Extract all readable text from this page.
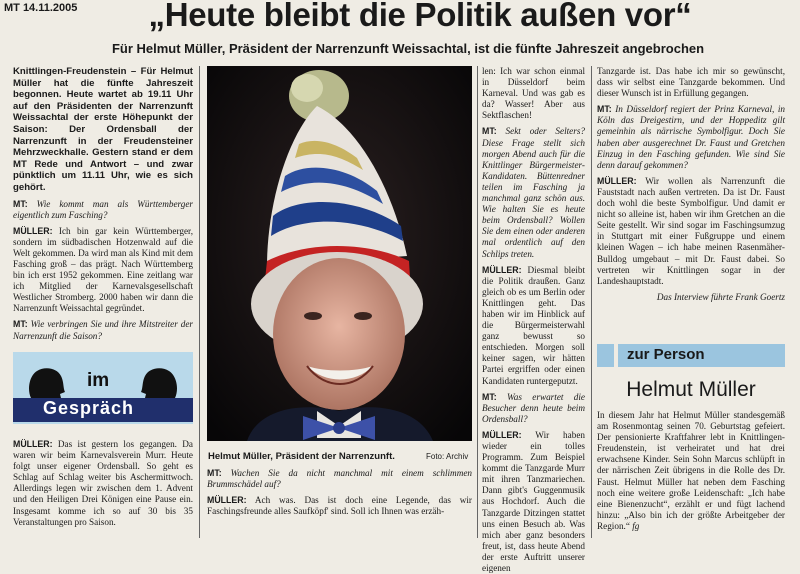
MT 14.11.2005	„Heute bleibt die Politik außen vor“
Für Helmut Müller, Präsident der Narrenzunft Weissachtal, ist die fünfte Jahreszeit angebrochen

Knittlingen-Freudenstein – Für Helmut Müller hat die fünfte Jahreszeit begonnen. Heute wartet ab 19.11 Uhr auf den Präsidenten der Narrenzunft Weissachtal der erste Höhepunkt der Saison: Der Ordensball der Narrenzunft in der Freudensteiner Mehrzweckhalle. Gestern stand er dem MT Rede und Antwort – und zwar pünktlich um 11.11 Uhr, wie es sich gehört.

MT: Wie kommt man als Württemberger eigentlich zum Fasching?

MÜLLER: Ich bin gar kein Württemberger, sondern im südbadischen Hotzenwald auf die Welt gekommen. Da wird man als Kind mit dem Fasching groß – das prägt. Nach Württemberg bin ich erst 1952 gekommen. Eine zeitlang war ich Mitglied der Karnevalsgesellschaft Westlicher Stromberg. 2000 haben wir dann die Narrenzunft Weissachtal gegründet.

MT: Wie verbringen Sie und ihre Mitstreiter der Narrenzunft die Saison?

im
Gespräch

MÜLLER: Das ist gestern los gegangen. Da waren wir beim Karnevalsverein Murr. Heute folgt unser eigener Ordensball. So geht es Schlag auf Schlag weiter bis Aschermittwoch. Allerdings legen wir zwischen dem 1. Advent und den Heiligen Drei Königen eine Pause ein. Insgesamt komme ich so auf 30 bis 35 Veranstaltungen pro Saison.

Helmut Müller, Präsident der Narrenzunft.	Foto: Archiv

MT: Wachen Sie da nicht manchmal mit einem schlimmen Brummschädel auf?

MÜLLER: Ach was. Das ist doch eine Legende, das wir Faschingsfreunde alles Saufköpf' sind. Soll ich Ihnen was erzäh-

len: Ich war schon einmal in Düsseldorf beim Karneval. Und was gab es da? Wasser! Aber aus Sektflaschen!

MT: Sekt oder Selters? Diese Frage stellt sich morgen Abend auch für die Knittlinger Bürgermeister-Kandidaten. Büttenredner teilen im Fasching ja manchmal ganz schön aus. Wie halten Sie es heute beim Ordensball? Wollen Sie dem einen oder anderen mal ordentlich auf den Schlips treten.

MÜLLER: Diesmal bleibt die Politik draußen. Ganz gleich ob es um Berlin oder Knittlingen geht. Das haben wir im Hinblick auf die Bürgermeisterwahl ganz bewusst so entschieden. Morgen soll keiner sagen, wir hätten Partei ergriffen oder einen Kandidaten runtergeputzt.

MT: Was erwartet die Besucher denn heute beim Ordensball?

MÜLLER: Wir haben wieder ein tolles Programm. Zum Beispiel kommt die Tanzgarde Murr mit ihren Tanzmariechen. Dann gibt's Guggenmusik aus Hochdorf. Auch die Tanzgarde Ditzingen stattet uns einen Besuch ab. Was mich aber ganz besonders freut, ist, dass heute Abend der erste Auftritt unserer eigenen

Tanzgarde ist. Das habe ich mir so gewünscht, dass wir selbst eine Tanzgarde bekommen. Und dieser Wunsch ist in Erfüllung gegangen.

MT: In Düsseldorf regiert der Prinz Karneval, in Köln das Dreigestirn, und der Hoppeditz gilt gemeinhin als närrische Symbolfigur. Doch Sie haben aber ausgerechnet Dr. Faust und Gretchen Einzug in den Fasching gefunden. Wie sind Sie denn darauf gekommen?

MÜLLER: Wir wollen als Narrenzunft die Fauststadt nach außen vertreten. Da ist Dr. Faust doch wohl die beste Symbolfigur. Und damit er nicht so alleine ist, haben wir ihm Gretchen an die Seite gestellt. Wir sind sogar im Faschingsumzug in Stuttgart mit einer Fußgruppe und einem kleinen Wagen – ich habe meinen Rasenmäher-Bulldog umgebaut – mit Dr. Faust dabei. So vertreten wir Knittlingen sogar in der Landeshauptstadt.

Das Interview führte Frank Goertz

zur Person
Helmut Müller

In diesem Jahr hat Helmut Müller standesgemäß am Rosenmontag seinen 70. Geburtstag gefeiert. Der pensionierte Kraftfahrer lebt in Knittlingen-Freudenstein, ist verheiratet und hat drei erwachsene Kinder. Sein Sohn Marcus schlüpft in der närrischen Zeit übrigens in die Rolle des Dr. Faust. Helmut Müller hat neben dem Fasching noch eine weitere große Leidenschaft: „Ich habe eine Bienenzucht“, erzählt er und fügt lachend hinzu: „Also bin ich der größte Arbeitgeber der Region.“ fg
